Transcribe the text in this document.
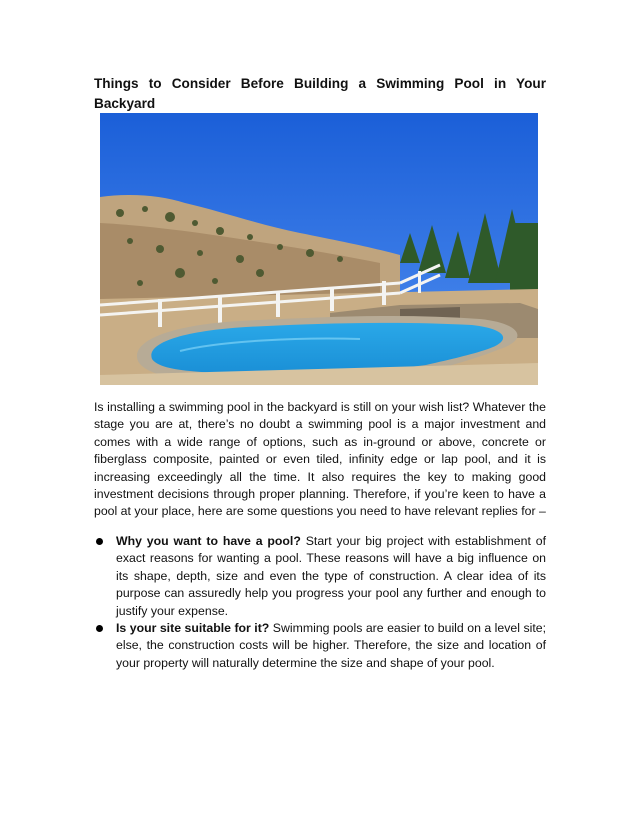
Things to Consider Before Building a Swimming Pool in Your Backyard
Is installing a swimming pool in the backyard is still on your wish list? Whatever the stage you are at, there’s no doubt a swimming pool is a major investment and comes with a wide range of options, such as in-ground or above, concrete or fiberglass composite, painted or even tiled, infinity edge or lap pool, and it is increasing exceedingly all the time. It also requires the key to making good investment decisions through proper planning. Therefore, if you’re keen to have a pool at your place, here are some questions you need to have relevant replies for –
Why you want to have a pool? Start your big project with establishment of exact reasons for wanting a pool. These reasons will have a big influence on its shape, depth, size and even the type of construction. A clear idea of its purpose can assuredly help you progress your pool any further and enough to justify your expense.
Is your site suitable for it? Swimming pools are easier to build on a level site; else, the construction costs will be higher. Therefore, the size and location of your property will naturally determine the size and shape of your pool.
